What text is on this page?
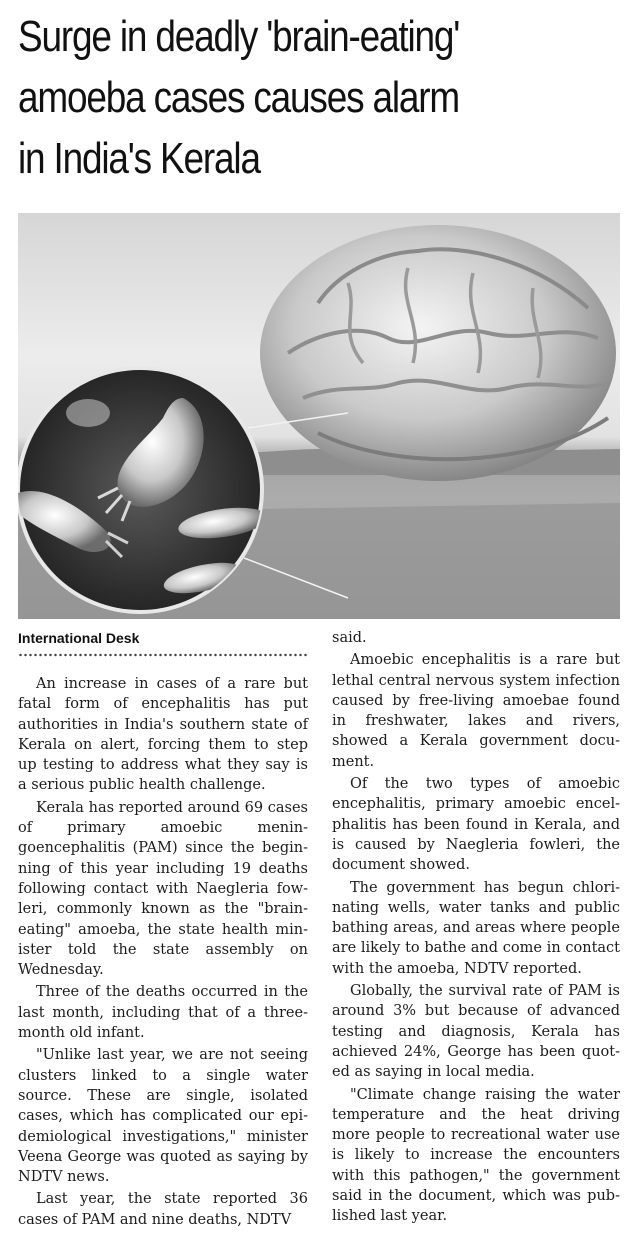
Surge in deadly 'brain-eating'
amoeba cases causes alarm
in India's Kerala
International Desk

An increase in cases of a rare but fatal form of encephalitis has put authorities in India's southern state of Kerala on alert, forcing them to step up testing to address what they say is a serious public health challenge.

Kerala has reported around 69 cases of primary amoebic meningoencephalitis (PAM) since the beginning of this year including 19 deaths following contact with Naegleria fowleri, commonly known as the "brain-eating" amoeba, the state health minister told the state assembly on Wednesday.

Three of the deaths occurred in the last month, including that of a three-month old infant.

"Unlike last year, we are not seeing clusters linked to a single water source. These are single, isolated cases, which has complicated our epidemiological investigations," minister Veena George was quoted as saying by NDTV news.

Last year, the state reported 36 cases of PAM and nine deaths, NDTV

said.

Amoebic encephalitis is a rare but lethal central nervous system infection caused by free-living amoebae found in freshwater, lakes and rivers, showed a Kerala government document.

Of the two types of amoebic encephalitis, primary amoebic encelphalitis has been found in Kerala, and is caused by Naegleria fowleri, the document showed.

The government has begun chlorinating wells, water tanks and public bathing areas, and areas where people are likely to bathe and come in contact with the amoeba, NDTV reported.

Globally, the survival rate of PAM is around 3% but because of advanced testing and diagnosis, Kerala has achieved 24%, George has been quoted as saying in local media.

"Climate change raising the water temperature and the heat driving more people to recreational water use is likely to increase the encounters with this pathogen," the government said in the document, which was published last year.
